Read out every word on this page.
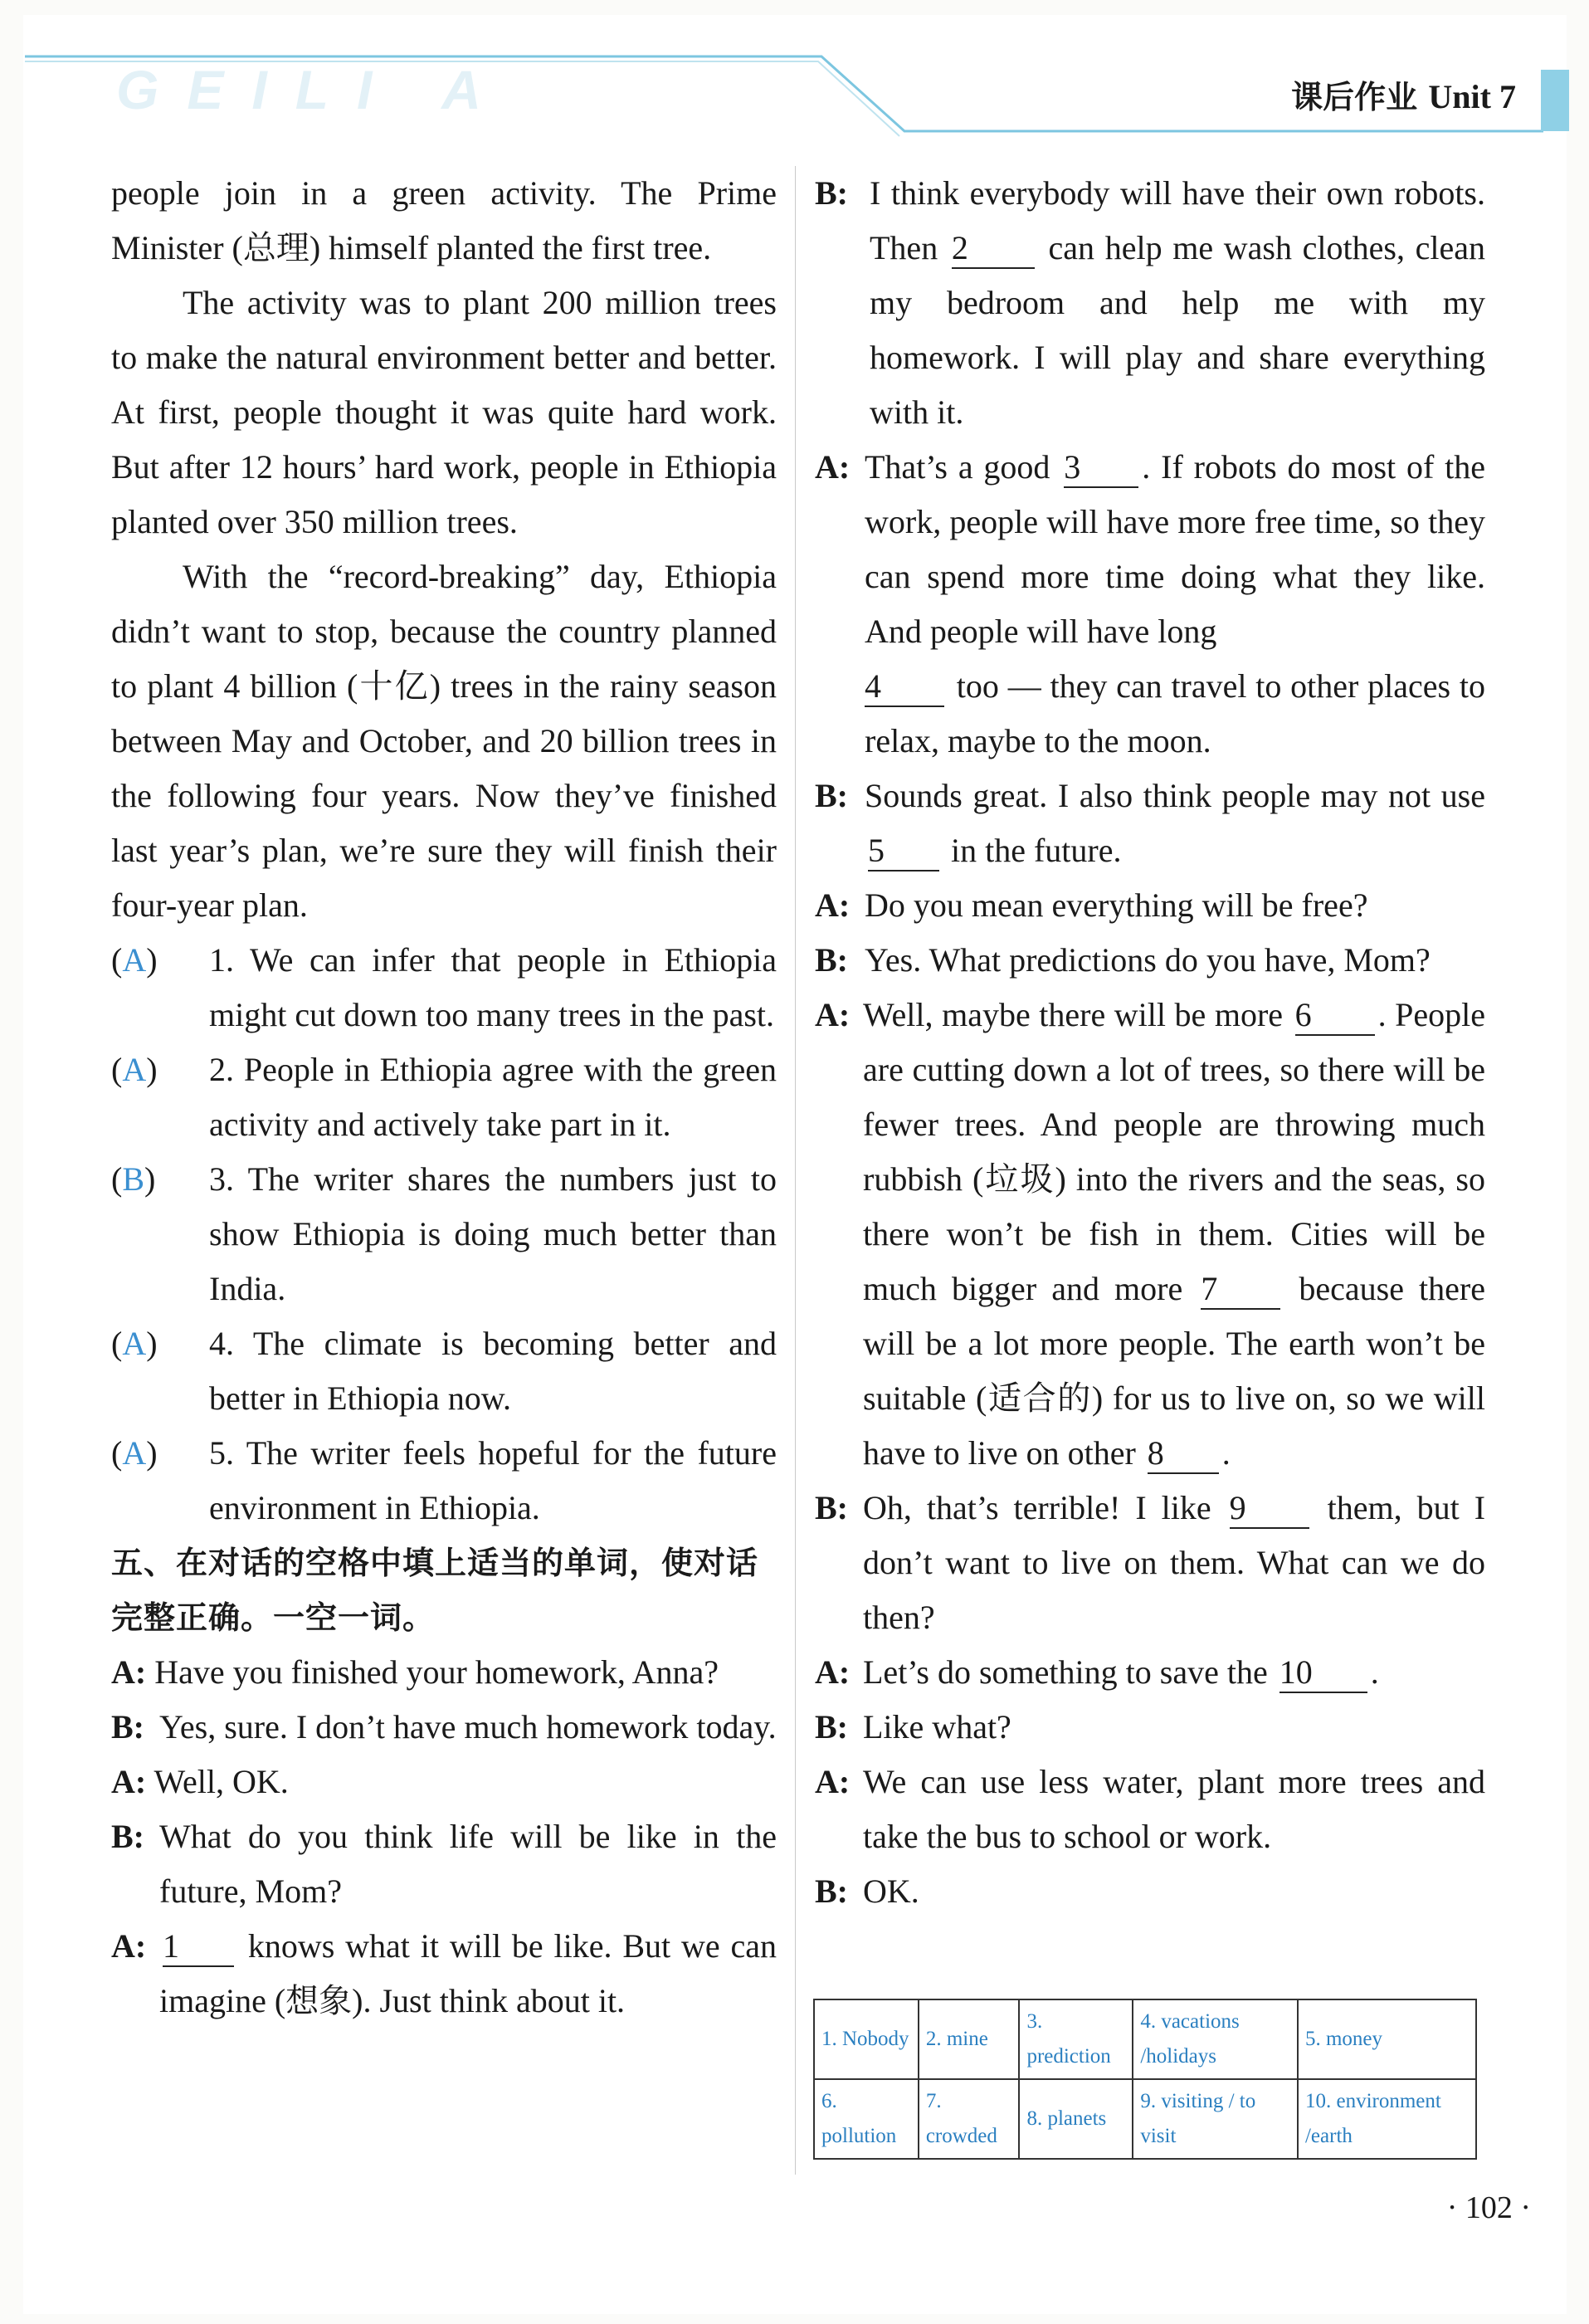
GEILI A	课后作业 Unit 7

people join in a green activity. The Prime Minister (总理) himself planted the first tree.

The activity was to plant 200 million trees to make the natural environment better and better. At first, people thought it was quite hard work. But after 12 hours’ hard work, people in Ethiopia planted over 350 million trees.

With the “record-breaking” day, Ethiopia didn’t want to stop, because the country planned to plant 4 billion (十亿) trees in the rainy season between May and October, and 20 billion trees in the following four years. Now they’ve finished last year’s plan, we’re sure they will finish their four-year plan.

(A) 1. We can infer that people in Ethiopia might cut down too many trees in the past.

(A) 2. People in Ethiopia agree with the green activity and actively take part in it.

(B) 3. The writer shares the numbers just to show Ethiopia is doing much better than India.

(A) 4. The climate is becoming better and better in Ethiopia now.

(A) 5. The writer feels hopeful for the future environment in Ethiopia.

五、在对话的空格中填上适当的单词，使对话完整正确。一空一词。

A: Have you finished your homework, Anna?

B: Yes, sure. I don’t have much homework today.

A: Well, OK.

B: What do you think life will be like in the future, Mom?

A: 1 knows what it will be like. But we can imagine (想象). Just think about it.

B: I think everybody will have their own robots. Then 2 can help me wash clothes, clean my bedroom and help me with my homework. I will play and share everything with it.

A: That’s a good 3 . If robots do most of the work, people will have more free time, so they can spend more time doing what they like. And people will have long
4 too — they can travel to other places to relax, maybe to the moon.

B: Sounds great. I also think people may not use 5 in the future.

A: Do you mean everything will be free?

B: Yes. What predictions do you have, Mom?

A: Well, maybe there will be more 6 . People are cutting down a lot of trees, so there will be fewer trees. And people are throwing much rubbish (垃圾) into the rivers and the seas, so there won’t be fish in them. Cities will be much bigger and more 7 because there will be a lot more people. The earth won’t be suitable (适合的) for us to live on, so we will have to live on other 8 .

B: Oh, that’s terrible! I like 9 them, but I don’t want to live on them. What can we do then?

A: Let’s do something to save the 10 .

B: Like what?

A: We can use less water, plant more trees and take the bus to school or work.

B: OK.

1. Nobody	2. mine	3. prediction	4. vacations /holidays	5. money
6. pollution	7. crowded	8. planets	9. visiting / to visit	10. environment /earth
· 102 ·
